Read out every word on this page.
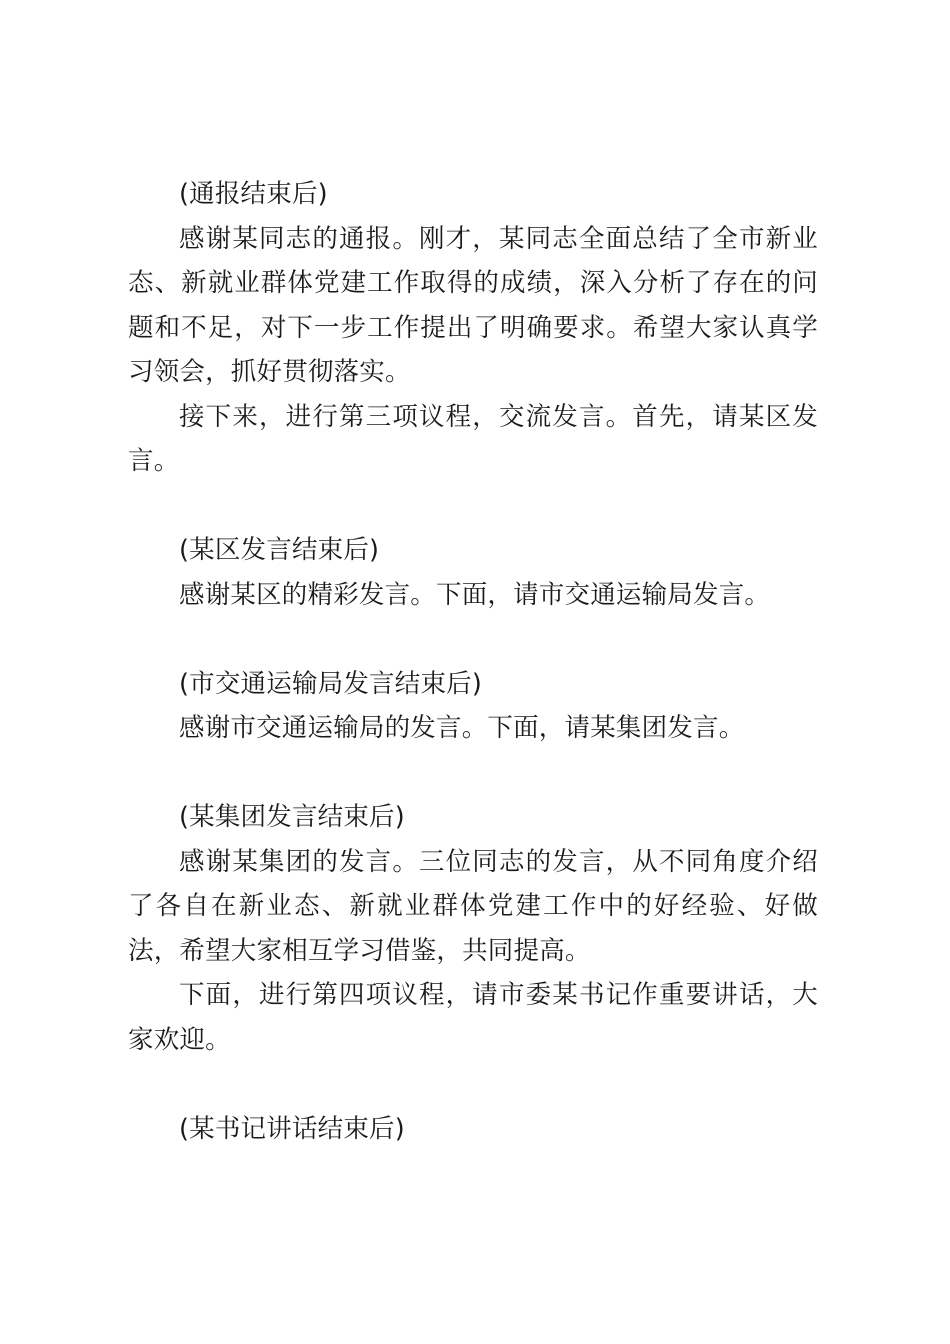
(通报结束后)

感谢某同志的通报。刚才，某同志全面总结了全市新业态、新就业群体党建工作取得的成绩，深入分析了存在的问题和不足，对下一步工作提出了明确要求。希望大家认真学习领会，抓好贯彻落实。

接下来，进行第三项议程，交流发言。首先，请某区发言。

(某区发言结束后)

感谢某区的精彩发言。下面，请市交通运输局发言。

(市交通运输局发言结束后)

感谢市交通运输局的发言。下面，请某集团发言。

(某集团发言结束后)

感谢某集团的发言。三位同志的发言，从不同角度介绍了各自在新业态、新就业群体党建工作中的好经验、好做法，希望大家相互学习借鉴，共同提高。

下面，进行第四项议程，请市委某书记作重要讲话，大家欢迎。

(某书记讲话结束后)
